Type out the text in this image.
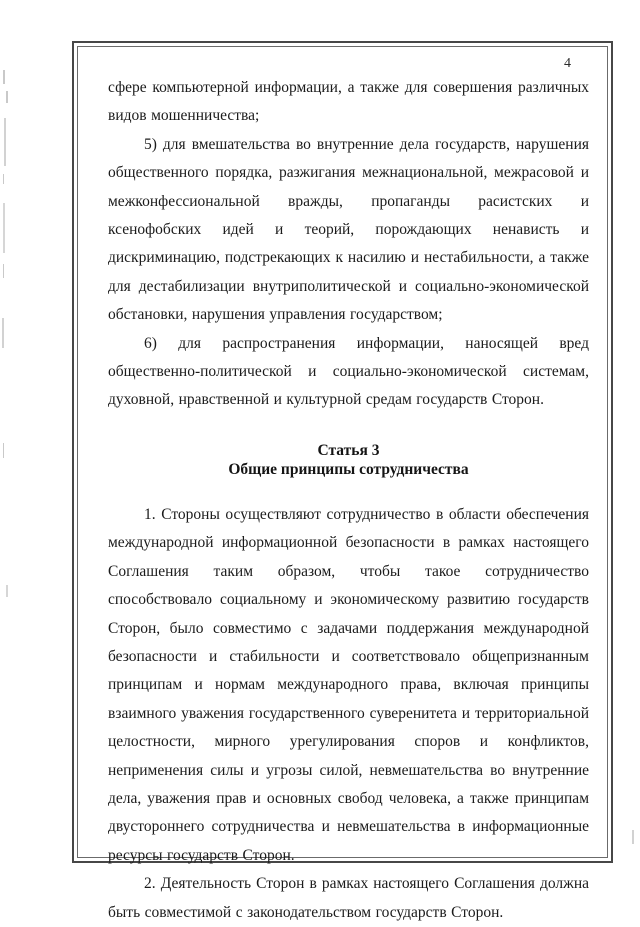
4

сфере компьютерной информации, а также для совершения различных видов мошенничества;

5) для вмешательства во внутренние дела государств, нарушения общественного порядка, разжигания межнациональной, межрасовой и межконфессиональной вражды, пропаганды расистских и ксенофобских идей и теорий, порождающих ненависть и дискриминацию, подстрекающих к насилию и нестабильности, а также для дестабилизации внутриполитической и социально-экономической обстановки, нарушения управления государством;

6) для распространения информации, наносящей вред общественно-политической и социально-экономической системам, духовной, нравственной и культурной средам государств Сторон.

Статья 3
Общие принципы сотрудничества

1. Стороны осуществляют сотрудничество в области обеспечения международной информационной безопасности в рамках настоящего Соглашения таким образом, чтобы такое сотрудничество способствовало социальному и экономическому развитию государств Сторон, было совместимо с задачами поддержания международной безопасности и стабильности и соответствовало общепризнанным принципам и нормам международного права, включая принципы взаимного уважения государственного суверенитета и территориальной целостности, мирного урегулирования споров и конфликтов, неприменения силы и угрозы силой, невмешательства во внутренние дела, уважения прав и основных свобод человека, а также принципам двустороннего сотрудничества и невмешательства в информационные ресурсы государств Сторон.

2. Деятельность Сторон в рамках настоящего Соглашения должна быть совместимой с законодательством государств Сторон.
